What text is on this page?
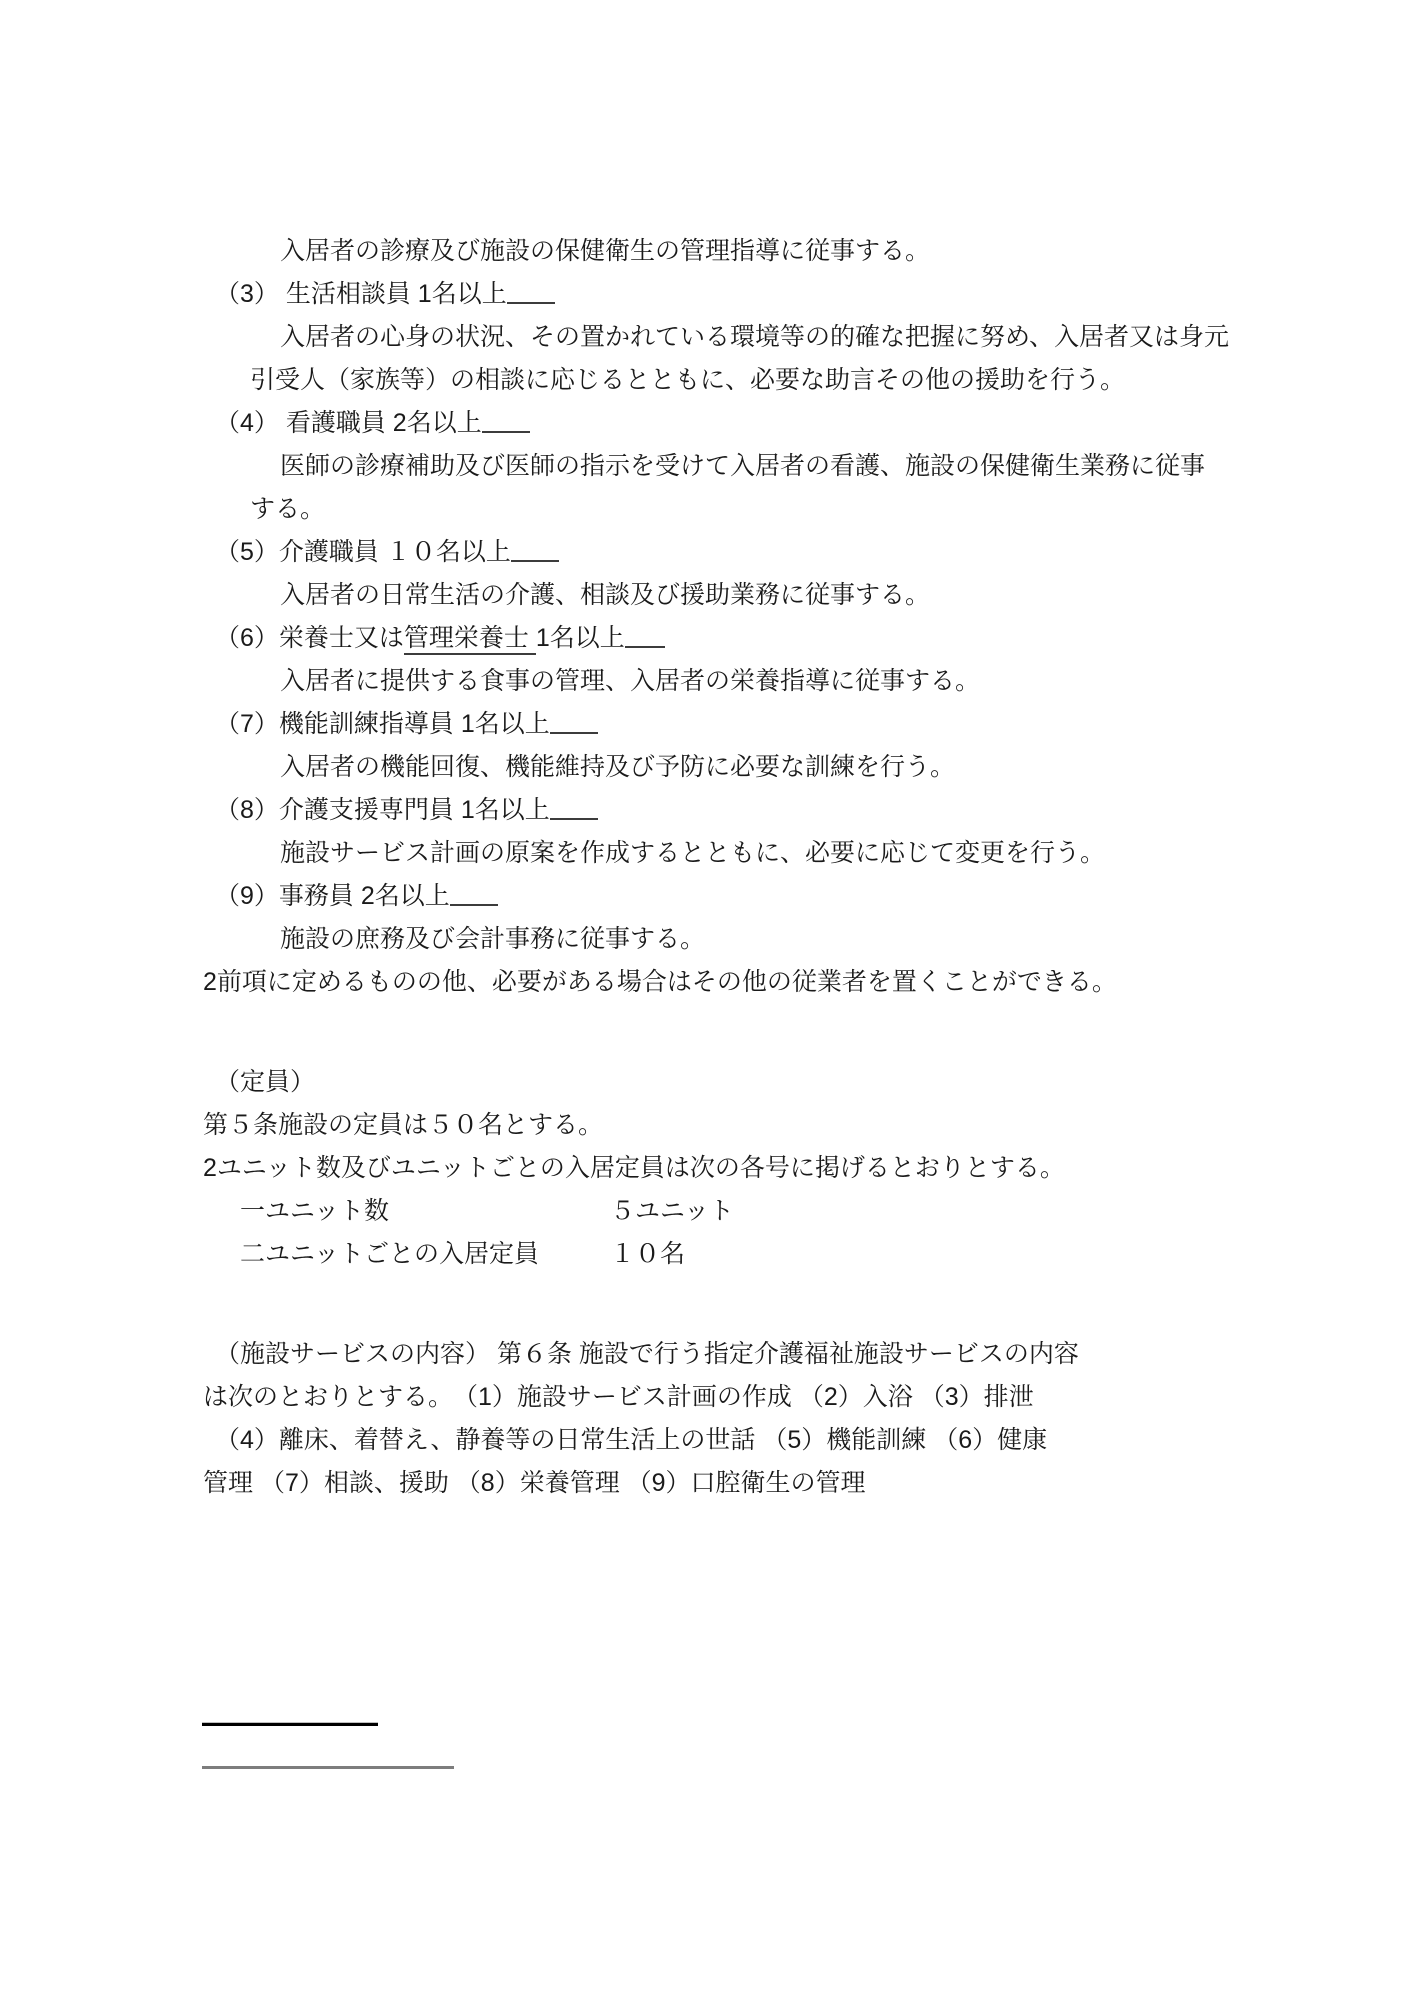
入居者の診療及び施設の保健衛生の管理指導に従事する。
（3） 生活相談員 1名以上
入居者の心身の状況、その置かれている環境等の的確な把握に努め、入居者又は身元
引受人（家族等）の相談に応じるとともに、必要な助言その他の援助を行う。
（4） 看護職員 2名以上
医師の診療補助及び医師の指示を受けて入居者の看護、施設の保健衛生業務に従事
する。
（5）介護職員 １０名以上
入居者の日常生活の介護、相談及び援助業務に従事する。
（6）栄養士又は管理栄養士 1名以上
入居者に提供する食事の管理、入居者の栄養指導に従事する。
（7）機能訓練指導員 1名以上
入居者の機能回復、機能維持及び予防に必要な訓練を行う。
（8）介護支援専門員 1名以上
施設サービス計画の原案を作成するとともに、必要に応じて変更を行う。
（9）事務員 2名以上
施設の庶務及び会計事務に従事する。
2前項に定めるものの他、必要がある場合はその他の従業者を置くことができる。
（定員）
第５条施設の定員は５０名とする。
2ユニット数及びユニットごとの入居定員は次の各号に掲げるとおりとする。
一ユニット数	５ユニット
二ユニットごとの入居定員	１０名
（施設サービスの内容） 第６条 施設で行う指定介護福祉施設サービスの内容
は次のとおりとする。　（1）施設サービス計画の作成 （2）入浴 （3）排泄
（4）離床、着替え、静養等の日常生活上の世話 （5）機能訓練 （6）健康
管理 （7）相談、援助 （8）栄養管理 （9）口腔衛生の管理
